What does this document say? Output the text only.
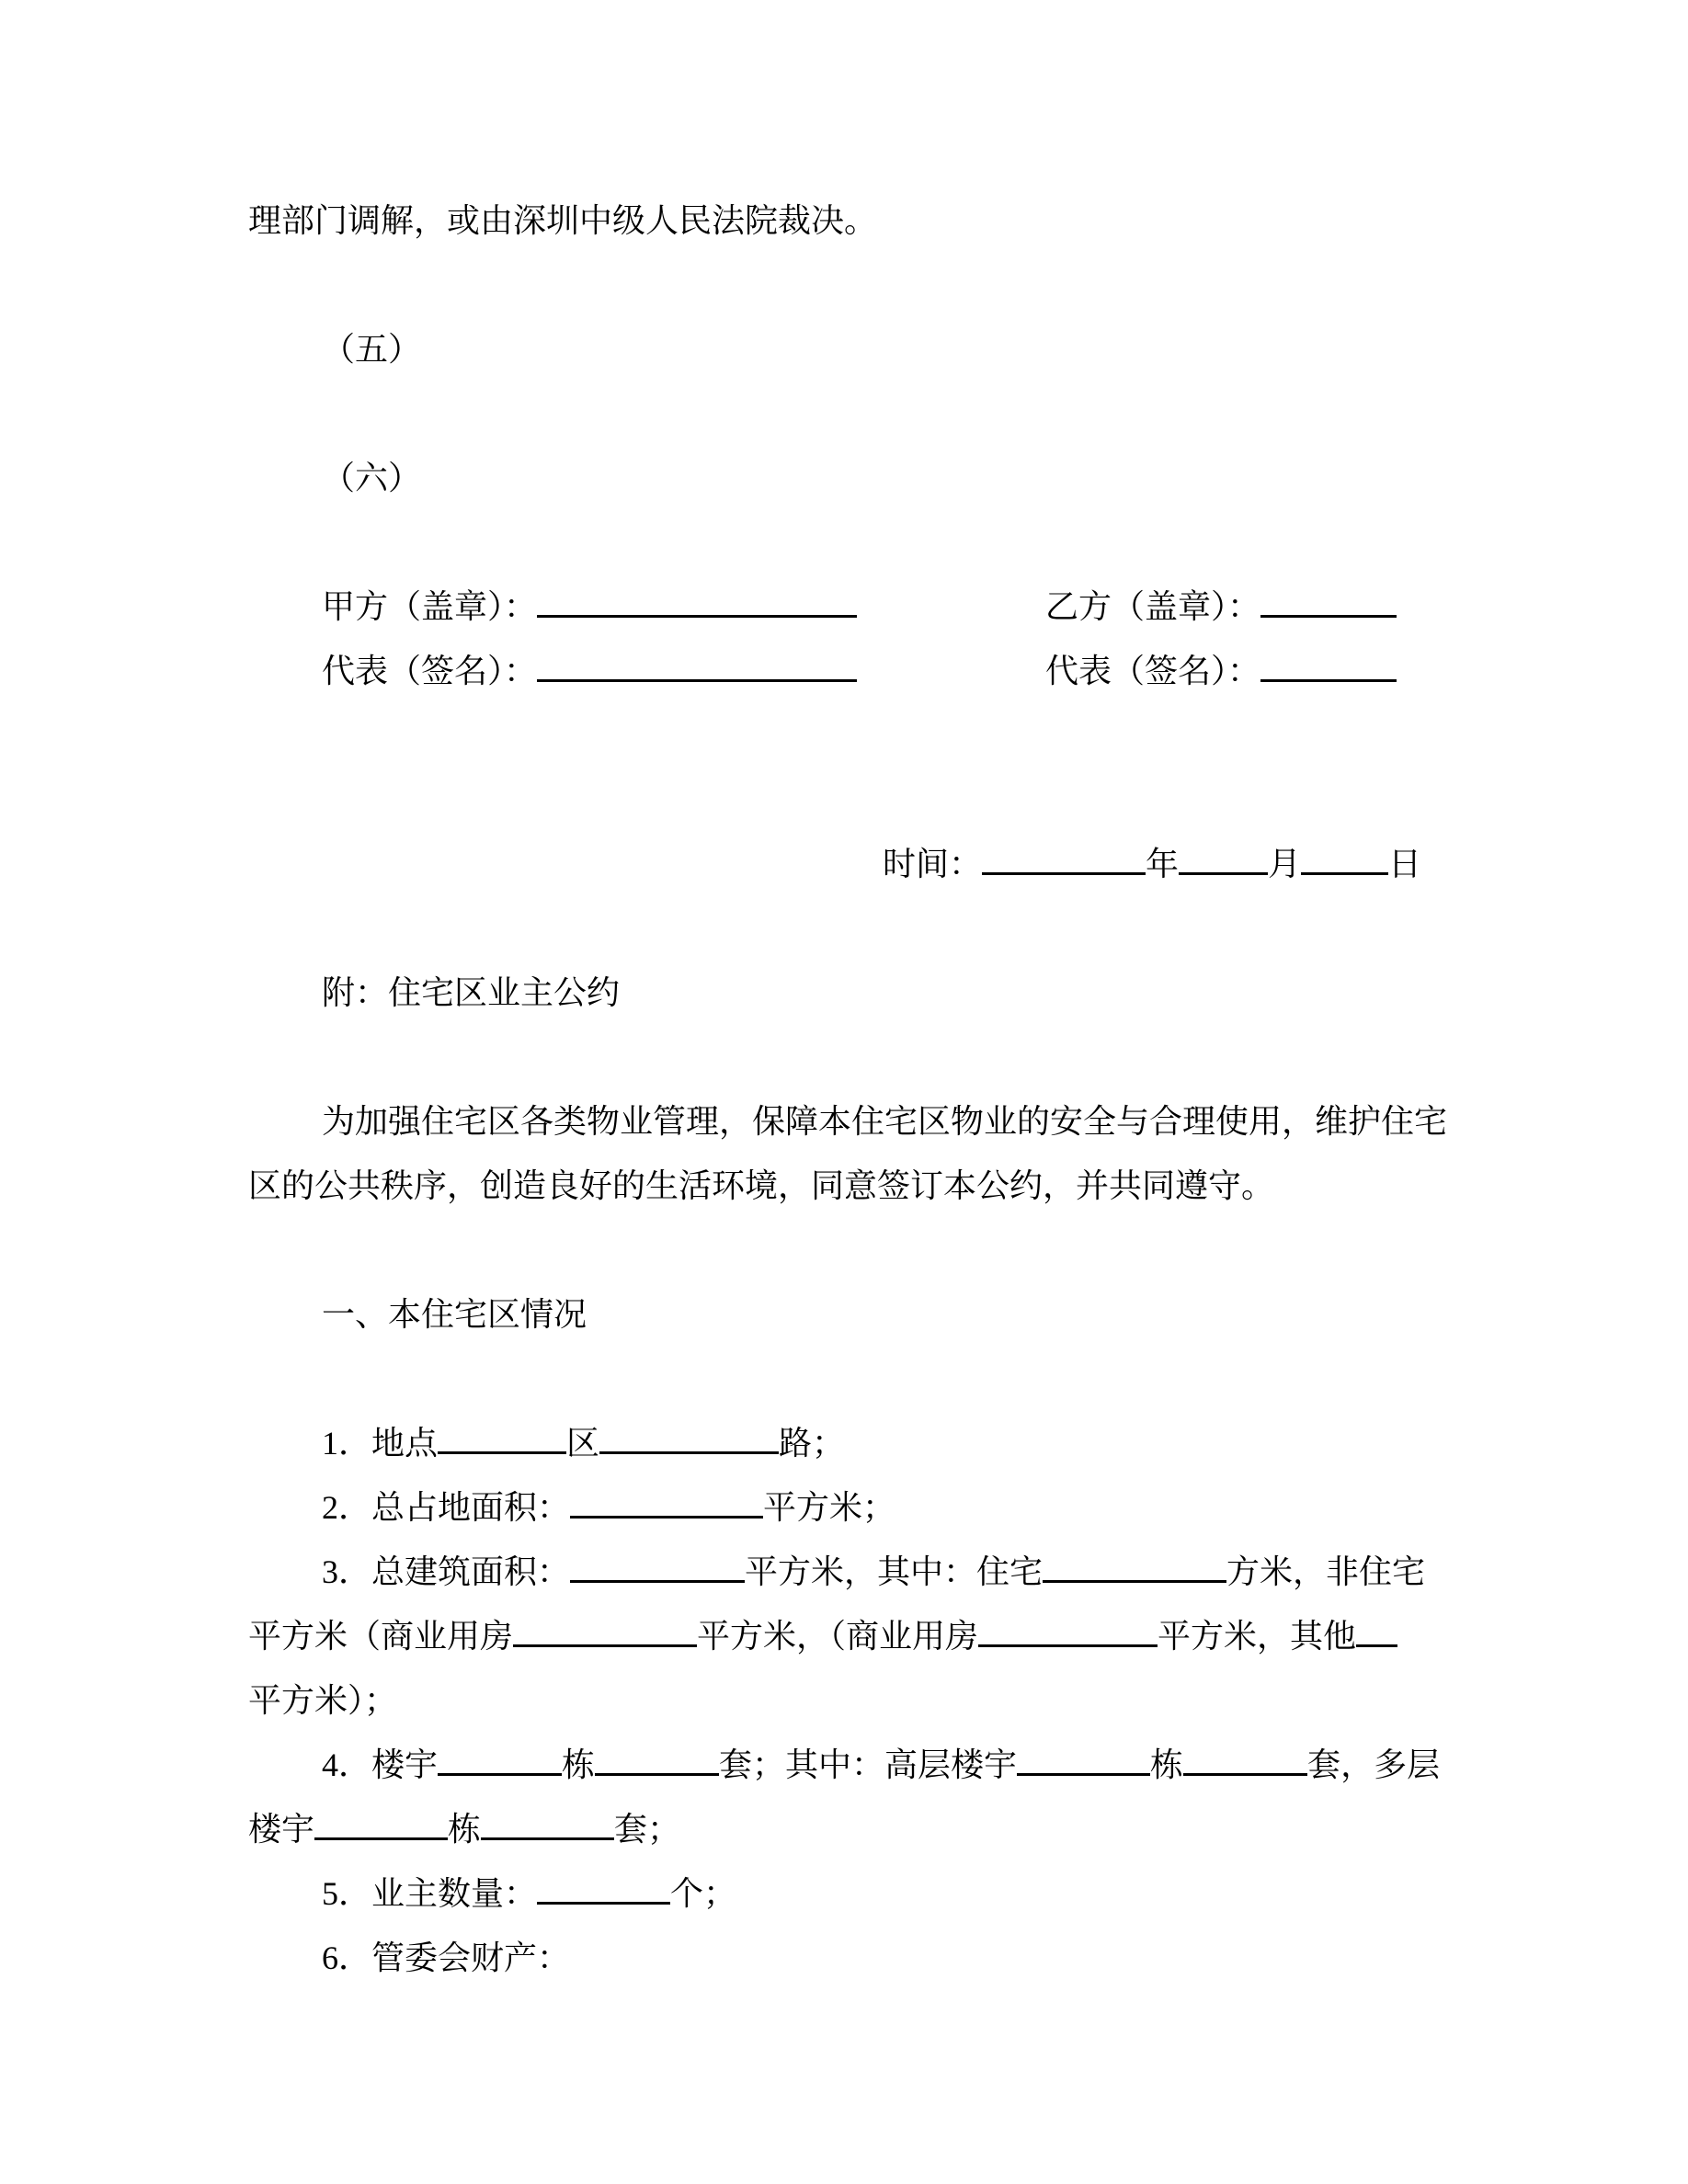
理部门调解，或由深圳中级人民法院裁决。
（五）
（六）
甲方（盖章）：	乙方（盖章）：
代表（签名）：	代表（签名）：
时间：	年	月	日
附：住宅区业主公约
为加强住宅区各类物业管理，保障本住宅区物业的安全与合理使用，维护住宅
区的公共秩序，创造良好的生活环境，同意签订本公约，并共同遵守。
一、本住宅区情况
1．地点	区	路；
2．总占地面积：	平方米；
3．总建筑面积：	平方米，其中：住宅	方米，非住宅
平方米（商业用房	平方米，（商业用房	平方米，其他
平方米）；
4．楼宇	栋	套；其中：高层楼宇	栋	套，多层
楼宇	栋	套；
5．业主数量：	个；
6．管委会财产：
